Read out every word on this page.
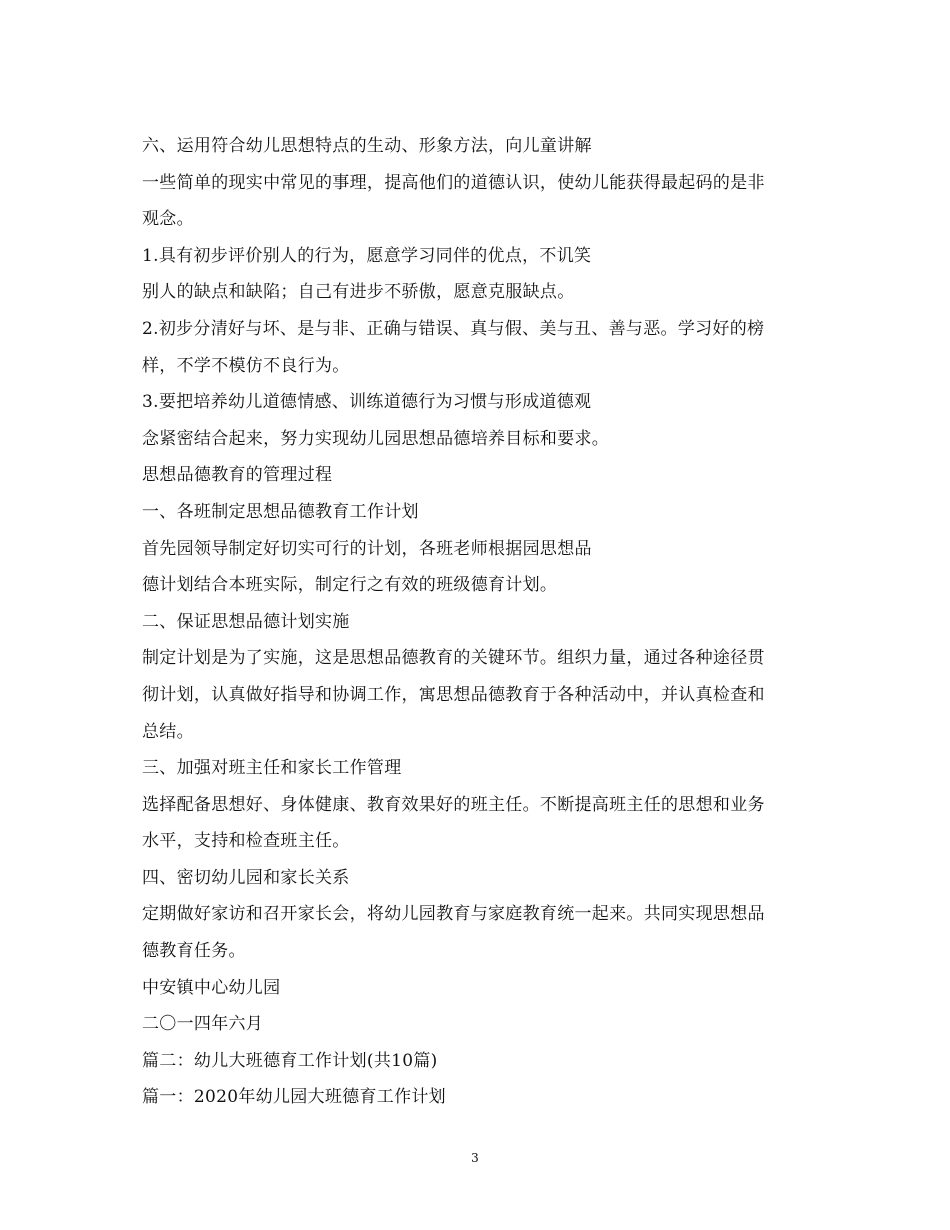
六、运用符合幼儿思想特点的生动、形象方法，向儿童讲解
一些简单的现实中常见的事理，提高他们的道德认识，使幼儿能获得最起码的是非
观念。
1.具有初步评价别人的行为，愿意学习同伴的优点，不讥笑
别人的缺点和缺陷；自己有进步不骄傲，愿意克服缺点。
2.初步分清好与坏、是与非、正确与错误、真与假、美与丑、善与恶。学习好的榜
样，不学不模仿不良行为。
3.要把培养幼儿道德情感、训练道德行为习惯与形成道德观
念紧密结合起来，努力实现幼儿园思想品德培养目标和要求。
思想品德教育的管理过程
一、各班制定思想品德教育工作计划
首先园领导制定好切实可行的计划，各班老师根据园思想品
德计划结合本班实际，制定行之有效的班级德育计划。
二、保证思想品德计划实施
制定计划是为了实施，这是思想品德教育的关键环节。组织力量，通过各种途径贯
彻计划，认真做好指导和协调工作，寓思想品德教育于各种活动中，并认真检查和
总结。
三、加强对班主任和家长工作管理
选择配备思想好、身体健康、教育效果好的班主任。不断提高班主任的思想和业务
水平，支持和检查班主任。
四、密切幼儿园和家长关系
定期做好家访和召开家长会，将幼儿园教育与家庭教育统一起来。共同实现思想品
德教育任务。
中安镇中心幼儿园
二〇一四年六月
篇二：幼儿大班德育工作计划(共10篇)
篇一：2020年幼儿园大班德育工作计划
3
